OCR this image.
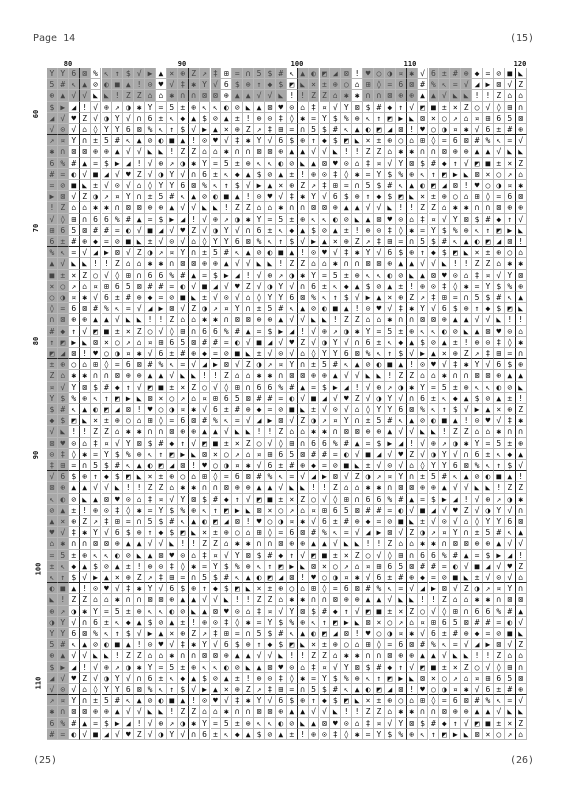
Page 14	(15)
80	90	100	110	120
60
70
80
90
100
110
Y Y 6 ⊠ % ↖ ↑ $ √ ▶ ▲ × ⊕ Z ↗ ‡ ⊞ = ∩ 5 $ # ↖ ▲ ◐ ◩ ◢ ⊠ ! ♥ ○ ◑ ¤ ✱ √ 6 ± # ⊕ ◆ = ⊘ ■ ◣
5 # ↖ ▲ ⊘ ◐ ■ ▲ ! ⊙ ♥ √ ‡ ✱ Y √ 6 $ ⊕ ↑ ◆ $ ◩ ◣ × ± ⊕ ○ ⌂ ⊞ ◊ = 6 ⊠ # % ↖ = √ ◢ ▶ ⊠ √ Z
⊕ ▲ √ √ ◣ ◣ ! Z Z ⌂ ⌂ ✱ ∩ ∩ ⊠ ⊠ ⊕ ▲ ▲ √ √ ◣ ! ! Z Z ⌂ ✱ ✱ ∩ ∩ ⊠ ⊕ ⊕ ▲ ▲ √ ◣ ◣ ! ! Z ⌂ ⌂
$ ▶ ◢ ! √ ⊕ ↗ ◑ ✱ Y = 5 ± ⊕ ↖ ↖ ◐ ⊘ ◣ ▲ ⊠ ♥ ⊙ ⌂ ‡ ¤ √ Y ⊠ $ # ◆ ↑ √ ◩ ■ ± × Z ○ √ ◊ ⊞ ∩
◢ √ ♥ Z √ ◑ Y √ ∩ 6 ± ↖ ◆ ▲ $ ⊘ ▲ ± ! ⊕ ⊙ ‡ ◊ ✱ = Y $ % ⊕ ↖ ↑ ◩ ▶ ◣ ⊠ × ○ ↗ ⌂ ¤ ⊞ 6 5 ⊠
√ ⊙ √ ⌂ ◊ Y Y 6 ⊠ % ↖ ↑ $ √ ▶ ▲ × ⊕ Z ↗ ‡ ⊞ = ∩ 5 $ # ↖ ▲ ◐ ◩ ◢ ⊠ ! ♥ ○ ◑ ¤ ✱ √ 6 ± # ⊕
↗ ¤ Y ∩ ± 5 # ↖ ▲ ⊘ ◐ ■ ▲ ! ⊙ ♥ √ ‡ ✱ Y √ 6 $ ⊕ ↑ ◆ $ ◩ ◣ × ± ⊕ ○ ⌂ ⊞ ◊ = 6 ⊠ # % ↖ = √
✱ ∩ ⊠ ⊠ ⊕ ⊕ ▲ √ √ ◣ ◣ ! Z Z ⌂ ⌂ ✱ ∩ ∩ ⊠ ⊠ ⊕ ▲ ▲ √ √ ◣ ! ! Z Z ⌂ ✱ ✱ ∩ ∩ ⊠ ⊕ ⊕ ▲ ▲ √ ◣ ◣
6 % # ▲ = $ ▶ ◢ ! √ ⊕ ↗ ◑ ✱ Y = 5 ± ⊕ ↖ ↖ ◐ ⊘ ◣ ▲ ⊠ ♥ ⊙ ⌂ ‡ ¤ √ Y ⊠ $ # ◆ ↑ √ ◩ ■ ± × Z
# = ◐ √ ■ ◢ √ ♥ Z √ ◑ Y √ ∩ 6 ± ↖ ◆ ▲ $ ⊘ ▲ ± ! ⊕ ⊙ ‡ ◊ ✱ = Y $ % ⊕ ↖ ↑ ◩ ▶ ◣ ⊠ × ○ ↗ ⌂
= ⊘ ■ ◣ ± √ ⊙ √ ⌂ ◊ Y Y 6 ⊠ % ↖ ↑ $ √ ▶ ▲ × ⊕ Z ↗ ‡ ⊞ = ∩ 5 $ # ↖ ▲ ◐ ◩ ◢ ⊠ ! ♥ ○ ◑ ¤ ✱
▶ ⊠ √ Z ◑ ↗ ¤ Y ∩ ± 5 # ↖ ▲ ⊘ ◐ ■ ▲ ! ⊙ ♥ √ ‡ ✱ Y √ 6 $ ⊕ ↑ ◆ $ ◩ ◣ × ± ⊕ ○ ⌂ ⊞ ◊ = 6 ⊠
! Z ⌂ ⌂ ✱ ✱ ∩ ⊠ ⊠ ⊕ ⊕ ▲ √ √ ◣ ◣ ! Z Z ⌂ ⌂ ✱ ∩ ∩ ⊠ ⊠ ⊕ ▲ ▲ √ √ ◣ ! ! Z Z ⌂ ✱ ✱ ∩ ∩ ⊠ ⊕ ⊕
√ ◊ ⊞ ∩ 6 6 % # ▲ = $ ▶ ◢ ! √ ⊕ ↗ ◑ ✱ Y = 5 ± ⊕ ↖ ↖ ◐ ⊘ ◣ ▲ ⊠ ♥ ⊙ ⌂ ‡ ¤ √ Y ⊠ $ # ◆ ↑ √
⊞ 6 5 ⊠ # # = ◐ √ ■ ◢ √ ♥ Z √ ◑ Y √ ∩ 6 ± ↖ ◆ ▲ $ ⊘ ▲ ± ! ⊕ ⊙ ‡ ◊ ✱ = Y $ % ⊕ ↖ ↑ ◩ ▶ ◣
6 ± # ⊕ ◆ = ⊘ ■ ◣ ± √ ⊙ √ ⌂ ◊ Y Y 6 ⊠ % ↖ ↑ $ √ ▶ ▲ × ⊕ Z ↗ ‡ ⊞ = ∩ 5 $ # ↖ ▲ ◐ ◩ ◢ ⊠ !
% ↖ = √ ◢ ▶ ⊠ √ Z ◑ ↗ ¤ Y ∩ ± 5 # ↖ ▲ ⊘ ◐ ■ ▲ ! ⊙ ♥ √ ‡ ✱ Y √ 6 $ ⊕ ↑ ◆ $ ◩ ◣ × ± ⊕ ○ ⌂
▲ √ ◣ ◣ ! ! Z ⌂ ⌂ ✱ ✱ ∩ ⊠ ⊠ ⊕ ⊕ ▲ √ √ ◣ ◣ ! Z Z ⌂ ⌂ ✱ ∩ ∩ ⊠ ⊠ ⊕ ▲ ▲ √ √ ◣ ! ! Z Z ⌂ ✱ ✱
■ ± × Z ○ √ ◊ ⊞ ∩ 6 6 % # ▲ = $ ▶ ◢ ! √ ⊕ ↗ ◑ ✱ Y = 5 ± ⊕ ↖ ↖ ◐ ⊘ ◣ ▲ ⊠ ♥ ⊙ ⌂ ‡ ¤ √ Y ⊠
× ○ ↗ ⌂ ¤ ⊞ 6 5 ⊠ # # = ◐ √ ■ ◢ √ ♥ Z √ ◑ Y √ ∩ 6 ± ↖ ◆ ▲ $ ⊘ ▲ ± ! ⊕ ⊙ ‡ ◊ ✱ = Y $ % ⊕
○ ◑ ¤ ✱ √ 6 ± # ⊕ ◆ = ⊘ ■ ◣ ± √ ⊙ √ ⌂ ◊ Y Y 6 ⊠ % ↖ ↑ $ √ ▶ ▲ × ⊕ Z ↗ ‡ ⊞ = ∩ 5 $ # ↖ ▲
◊ = 6 ⊠ # % ↖ = √ ◢ ▶ ⊠ √ Z ◑ ↗ ¤ Y ∩ ± 5 # ↖ ▲ ⊘ ◐ ■ ▲ ! ⊙ ♥ √ ‡ ✱ Y √ 6 $ ⊕ ↑ ◆ $ ◩ ◣
∩ ⊠ ⊕ ⊕ ▲ ▲ √ ◣ ◣ ! ! Z ⌂ ⌂ ✱ ✱ ∩ ⊠ ⊠ ⊕ ⊕ ▲ √ √ ◣ ◣ ! Z Z ⌂ ⌂ ✱ ∩ ∩ ⊠ ⊠ ⊕ ▲ ▲ √ √ ◣ ! !
# ◆ ↑ √ ◩ ■ ± × Z ○ √ ◊ ⊞ ∩ 6 6 % # ▲ = $ ▶ ◢ ! √ ⊕ ↗ ◑ ✱ Y = 5 ± ⊕ ↖ ↖ ◐ ⊘ ◣ ▲ ⊠ ♥ ⊙ ⌂
↑ ◩ ▶ ◣ ⊠ × ○ ↗ ⌂ ¤ ⊞ 6 5 ⊠ # # = ◐ √ ■ ◢ √ ♥ Z √ ◑ Y √ ∩ 6 ± ↖ ◆ ▲ $ ⊘ ▲ ± ! ⊕ ⊙ ‡ ◊ ✱
◩ ◢ ⊠ ! ♥ ○ ◑ ¤ ✱ √ 6 ± # ⊕ ◆ = ⊘ ■ ◣ ± √ ⊙ √ ⌂ ◊ Y Y 6 ⊠ % ↖ ↑ $ √ ▶ ▲ × ⊕ Z ↗ ‡ ⊞ = ∩
± ⊕ ○ ⌂ ⊞ ◊ = 6 ⊠ # % ↖ = √ ◢ ▶ ⊠ √ Z ◑ ↗ ¤ Y ∩ ± 5 # ↖ ▲ ⊘ ◐ ■ ▲ ! ⊙ ♥ √ ‡ ✱ Y √ 6 $ ⊕
Z ⌂ ✱ ✱ ∩ ∩ ⊠ ⊕ ⊕ ▲ ▲ √ ◣ ◣ ! ! Z ⌂ ⌂ ✱ ✱ ∩ ⊠ ⊠ ⊕ ⊕ ▲ √ √ ◣ ◣ ! Z Z ⌂ ⌂ ✱ ∩ ∩ ⊠ ⊠ ⊕ ▲ ▲
¤ √ Y ⊠ $ # ◆ ↑ √ ◩ ■ ± × Z ○ √ ◊ ⊞ ∩ 6 6 % # ▲ = $ ▶ ◢ ! √ ⊕ ↗ ◑ ✱ Y = 5 ± ⊕ ↖ ↖ ◐ ⊘ ◣
Y $ % ⊕ ↖ ↑ ◩ ▶ ◣ ⊠ × ○ ↗ ⌂ ¤ ⊞ 6 5 ⊠ # # = ◐ √ ■ ◢ √ ♥ Z √ ◑ Y √ ∩ 6 ± ↖ ◆ ▲ $ ⊘ ▲ ± !
$ # ↖ ▲ ◐ ◩ ◢ ⊠ ! ♥ ○ ◑ ¤ ✱ √ 6 ± # ⊕ ◆ = ⊘ ■ ◣ ± √ ⊙ √ ⌂ ◊ Y Y 6 ⊠ % ↖ ↑ $ √ ▶ ▲ × ⊕ Z
◆ $ ◩ ◣ × ± ⊕ ○ ⌂ ⊞ ◊ = 6 ⊠ # % ↖ = √ ◢ ▶ ⊠ √ Z ◑ ↗ ¤ Y ∩ ± 5 # ↖ ▲ ⊘ ◐ ■ ▲ ! ⊙ ♥ √ ‡ ✱
√ ◣ ! ! Z Z ⌂ ✱ ✱ ∩ ∩ ⊠ ⊕ ⊕ ▲ ▲ √ ◣ ◣ ! ! Z ⌂ ⌂ ✱ ✱ ∩ ⊠ ⊠ ⊕ ⊕ ▲ √ √ ◣ ◣ ! Z Z ⌂ ⌂ ✱ ∩ ∩
⊠ ♥ ⊙ ⌂ ‡ ¤ √ Y ⊠ $ # ◆ ↑ √ ◩ ■ ± × Z ○ √ ◊ ⊞ ∩ 6 6 % # ▲ = $ ▶ ◢ ! √ ⊕ ↗ ◑ ✱ Y = 5 ± ⊕
⊙ ‡ ◊ ✱ = Y $ % ⊕ ↖ ↑ ◩ ▶ ◣ ⊠ × ○ ↗ ⌂ ¤ ⊞ 6 5 ⊠ # # = ◐ √ ■ ◢ √ ♥ Z √ ◑ Y √ ∩ 6 ± ↖ ◆ ▲
‡ ⊞ = ∩ 5 $ # ↖ ▲ ◐ ◩ ◢ ⊠ ! ♥ ○ ◑ ¤ ✱ √ 6 ± # ⊕ ◆ = ⊘ ■ ◣ ± √ ⊙ √ ⌂ ◊ Y Y 6 ⊠ % ↖ ↑ $ √
√ 6 $ ⊕ ↑ ◆ $ ◩ ◣ × ± ⊕ ○ ⌂ ⊞ ◊ = 6 ⊠ # % ↖ = √ ◢ ▶ ⊠ √ Z ◑ ↗ ¤ Y ∩ ± 5 # ↖ ▲ ⊘ ◐ ■ ▲ !
⊠ ⊕ ▲ ▲ √ √ ◣ ! ! Z Z ⌂ ✱ ✱ ∩ ∩ ⊠ ⊕ ⊕ ▲ ▲ √ ◣ ◣ ! ! Z ⌂ ⌂ ✱ ✱ ∩ ⊠ ⊠ ⊕ ⊕ ▲ √ √ ◣ ◣ ! Z Z
↖ ◐ ⊘ ◣ ▲ ⊠ ♥ ⊙ ⌂ ‡ ¤ √ Y ⊠ $ # ◆ ↑ √ ◩ ■ ± × Z ○ √ ◊ ⊞ ∩ 6 6 % # ▲ = $ ▶ ◢ ! √ ⊕ ↗ ◑ ✱
⊘ ▲ ± ! ⊕ ⊙ ‡ ◊ ✱ = Y $ % ⊕ ↖ ↑ ◩ ▶ ◣ ⊠ × ○ ↗ ⌂ ¤ ⊞ 6 5 ⊠ # # = ◐ √ ■ ◢ √ ♥ Z √ ◑ Y √ ∩
▲ × ⊕ Z ↗ ‡ ⊞ = ∩ 5 $ # ↖ ▲ ◐ ◩ ◢ ⊠ ! ♥ ○ ◑ ¤ ✱ √ 6 ± # ⊕ ◆ = ⊘ ■ ◣ ± √ ⊙ √ ⌂ ◊ Y Y 6 ⊠
♥ √ ‡ ✱ Y √ 6 $ ⊕ ↑ ◆ $ ◩ ◣ × ± ⊕ ○ ⌂ ⊞ ◊ = 6 ⊠ # % ↖ = √ ◢ ▶ ⊠ √ Z ◑ ↗ ¤ Y ∩ ± 5 # ↖ ▲
⌂ ✱ ∩ ∩ ⊠ ⊠ ⊕ ▲ ▲ √ √ ◣ ! ! Z Z ⌂ ✱ ✱ ∩ ∩ ⊠ ⊕ ⊕ ▲ ▲ √ ◣ ◣ ! ! Z ⌂ ⌂ ✱ ✱ ∩ ⊠ ⊠ ⊕ ⊕ ▲ √ √
= 5 ± ⊕ ↖ ↖ ◐ ⊘ ◣ ▲ ⊠ ♥ ⊙ ⌂ ‡ ¤ √ Y ⊠ $ # ◆ ↑ √ ◩ ■ ± × Z ○ √ ◊ ⊞ ∩ 6 6 % # ▲ = $ ▶ ◢ !
± ↖ ◆ ▲ $ ⊘ ▲ ± ! ⊕ ⊙ ‡ ◊ ✱ = Y $ % ⊕ ↖ ↑ ◩ ▶ ◣ ⊠ × ○ ↗ ⌂ ¤ ⊞ 6 5 ⊠ # # = ◐ √ ■ ◢ √ ♥ Z
↖ ↑ $ √ ▶ ▲ × ⊕ Z ↗ ‡ ⊞ = ∩ 5 $ # ↖ ▲ ◐ ◩ ◢ ⊠ ! ♥ ○ ◑ ¤ ✱ √ 6 ± # ⊕ ◆ = ⊘ ■ ◣ ± √ ⊙ √ ⌂
◐ ■ ▲ ! ⊙ ♥ √ ‡ ✱ Y √ 6 $ ⊕ ↑ ◆ $ ◩ ◣ × ± ⊕ ○ ⌂ ⊞ ◊ = 6 ⊠ # % ↖ = √ ◢ ▶ ⊠ √ Z ◑ ↗ ¤ Y ∩
◣ ! Z Z ⌂ ⌂ ✱ ∩ ∩ ⊠ ⊠ ⊕ ▲ ▲ √ √ ◣ ! ! Z Z ⌂ ✱ ✱ ∩ ∩ ⊠ ⊕ ⊕ ▲ ▲ √ ◣ ◣ ! ! Z ⌂ ⌂ ✱ ✱ ∩ ⊠ ⊠
⊕ ↗ ◑ ✱ Y = 5 ± ⊕ ↖ ↖ ◐ ⊘ ◣ ▲ ⊠ ♥ ⊙ ⌂ ‡ ¤ √ Y ⊠ $ # ◆ ↑ √ ◩ ■ ± × Z ○ √ ◊ ⊞ ∩ 6 6 % # ▲
◑ Y √ ∩ 6 ± ↖ ◆ ▲ $ ⊘ ▲ ± ! ⊕ ⊙ ‡ ◊ ✱ = Y $ % ⊕ ↖ ↑ ◩ ▶ ◣ ⊠ × ○ ↗ ⌂ ¤ ⊞ 6 5 ⊠ # # = ◐ √
Y Y 6 ⊠ % ↖ ↑ $ √ ▶ ▲ × ⊕ Z ↗ ‡ ⊞ = ∩ 5 $ # ↖ ▲ ◐ ◩ ◢ ⊠ ! ♥ ○ ◑ ¤ ✱ √ 6 ± # ⊕ ◆ = ⊘ ■ ◣
5 # ↖ ▲ ⊘ ◐ ■ ▲ ! ⊙ ♥ √ ‡ ✱ Y √ 6 $ ⊕ ↑ ◆ $ ◩ ◣ × ± ⊕ ○ ⌂ ⊞ ◊ = 6 ⊠ # % ↖ = √ ◢ ▶ ⊠ √ Z
⊕ ▲ √ √ ◣ ◣ ! Z Z ⌂ ⌂ ✱ ∩ ∩ ⊠ ⊠ ⊕ ▲ ▲ √ √ ◣ ! ! Z Z ⌂ ✱ ✱ ∩ ∩ ⊠ ⊕ ⊕ ▲ ▲ √ ◣ ◣ ! ! Z ⌂ ⌂
$ ▶ ◢ ! √ ⊕ ↗ ◑ ✱ Y = 5 ± ⊕ ↖ ↖ ◐ ⊘ ◣ ▲ ⊠ ♥ ⊙ ⌂ ‡ ¤ √ Y ⊠ $ # ◆ ↑ √ ◩ ■ ± × Z ○ √ ◊ ⊞ ∩
◢ √ ♥ Z √ ◑ Y √ ∩ 6 ± ↖ ◆ ▲ $ ⊘ ▲ ± ! ⊕ ⊙ ‡ ◊ ✱ = Y $ % ⊕ ↖ ↑ ◩ ▶ ◣ ⊠ × ○ ↗ ⌂ ¤ ⊞ 6 5 ⊠
√ ⊙ √ ⌂ ◊ Y Y 6 ⊠ % ↖ ↑ $ √ ▶ ▲ × ⊕ Z ↗ ‡ ⊞ = ∩ 5 $ # ↖ ▲ ◐ ◩ ◢ ⊠ ! ♥ ○ ◑ ¤ ✱ √ 6 ± # ⊕
↗ ¤ Y ∩ ± 5 # ↖ ▲ ⊘ ◐ ■ ▲ ! ⊙ ♥ √ ‡ ✱ Y √ 6 $ ⊕ ↑ ◆ $ ◩ ◣ × ± ⊕ ○ ⌂ ⊞ ◊ = 6 ⊠ # % ↖ = √
✱ ∩ ⊠ ⊠ ⊕ ⊕ ▲ √ √ ◣ ◣ ! Z Z ⌂ ⌂ ✱ ∩ ∩ ⊠ ⊠ ⊕ ▲ ▲ √ √ ◣ ! ! Z Z ⌂ ✱ ✱ ∩ ∩ ⊠ ⊕ ⊕ ▲ ▲ √ ◣ ◣
6 % # ▲ = $ ▶ ◢ ! √ ⊕ ↗ ◑ ✱ Y = 5 ± ⊕ ↖ ↖ ◐ ⊘ ◣ ▲ ⊠ ♥ ⊙ ⌂ ‡ ¤ √ Y ⊠ $ # ◆ ↑ √ ◩ ■ ± × Z
# = ◐ √ ■ ◢ √ ♥ Z √ ◑ Y √ ∩ 6 ± ↖ ◆ ▲ $ ⊘ ▲ ± ! ⊕ ⊙ ‡ ◊ ✱ = Y $ % ⊕ ↖ ↑ ◩ ▶ ◣ ⊠ × ○ ↗ ⌂
(25)	(26)
